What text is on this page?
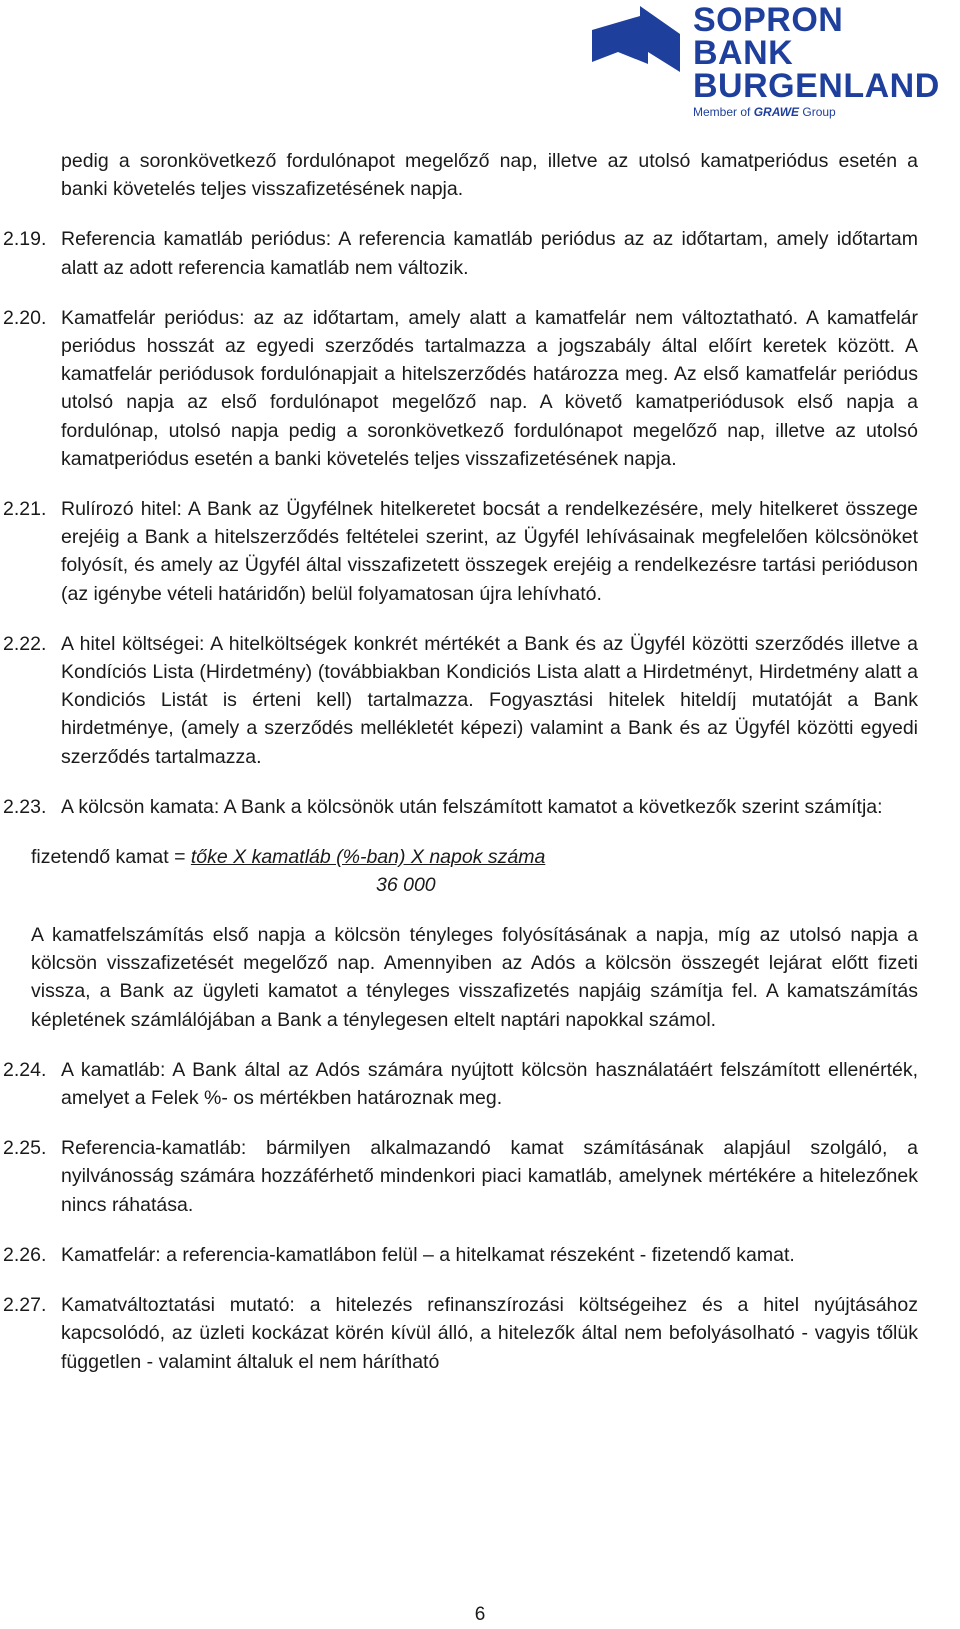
SOPRON
BANK
BURGENLAND
Member of GRAWE Group
pedig a soronkövetkező fordulónapot megelőző nap, illetve az utolsó kamatperiódus esetén a banki követelés teljes visszafizetésének napja.
2.19. Referencia kamatláb periódus: A referencia kamatláb periódus az az időtartam, amely időtartam alatt az adott referencia kamatláb nem változik.
2.20. Kamatfelár periódus: az az időtartam, amely alatt a kamatfelár nem változtatható. A kamatfelár periódus hosszát az egyedi szerződés tartalmazza a jogszabály által előírt keretek között. A kamatfelár periódusok fordulónapjait a hitelszerződés határozza meg. Az első kamatfelár periódus utolsó napja az első fordulónapot megelőző nap. A követő kamatperiódusok első napja a fordulónap, utolsó napja pedig a soronkövetkező fordulónapot megelőző nap, illetve az utolsó kamatperiódus esetén a banki követelés teljes visszafizetésének napja.
2.21. Rulírozó hitel: A Bank az Ügyfélnek hitelkeretet bocsát a rendelkezésére, mely hitelkeret összege erejéig a Bank a hitelszerződés feltételei szerint, az Ügyfél lehívásainak megfelelően kölcsönöket folyósít, és amely az Ügyfél által visszafizetett összegek erejéig a rendelkezésre tartási perióduson (az igénybe vételi határidőn) belül folyamatosan újra lehívható.
2.22. A hitel költségei: A hitelköltségek konkrét mértékét a Bank és az Ügyfél közötti szerződés illetve a Kondíciós Lista (Hirdetmény) (továbbiakban Kondiciós Lista alatt a Hirdetményt, Hirdetmény alatt a Kondiciós Listát is érteni kell) tartalmazza. Fogyasztási hitelek hiteldíj mutatóját a Bank hirdetménye, (amely a szerződés mellékletét képezi) valamint a Bank és az Ügyfél közötti egyedi szerződés tartalmazza.
2.23. A kölcsön kamata: A Bank a kölcsönök után felszámított kamatot a következők szerint számítja:
fizetendő kamat = tőke X kamatláb (%-ban) X napok száma
36 000
A kamatfelszámítás első napja a kölcsön tényleges folyósításának a napja, míg az utolsó napja a kölcsön visszafizetését megelőző nap. Amennyiben az Adós a kölcsön összegét lejárat előtt fizeti vissza, a Bank az ügyleti kamatot a tényleges visszafizetés napjáig számítja fel. A kamatszámítás képletének számlálójában a Bank a ténylegesen eltelt naptári napokkal számol.
2.24. A kamatláb: A Bank által az Adós számára nyújtott kölcsön használatáért felszámított ellenérték, amelyet a Felek %- os mértékben határoznak meg.
2.25. Referencia-kamatláb: bármilyen alkalmazandó kamat számításának alapjául szolgáló, a nyilvánosság számára hozzáférhető mindenkori piaci kamatláb, amelynek mértékére a hitelezőnek nincs ráhatása.
2.26. Kamatfelár: a referencia-kamatlábon felül – a hitelkamat részeként - fizetendő kamat.
2.27. Kamatváltoztatási mutató: a hitelezés refinanszírozási költségeihez és a hitel nyújtásához kapcsolódó, az üzleti kockázat körén kívül álló, a hitelezők által nem befolyásolható - vagyis tőlük független - valamint általuk el nem hárítható
6
